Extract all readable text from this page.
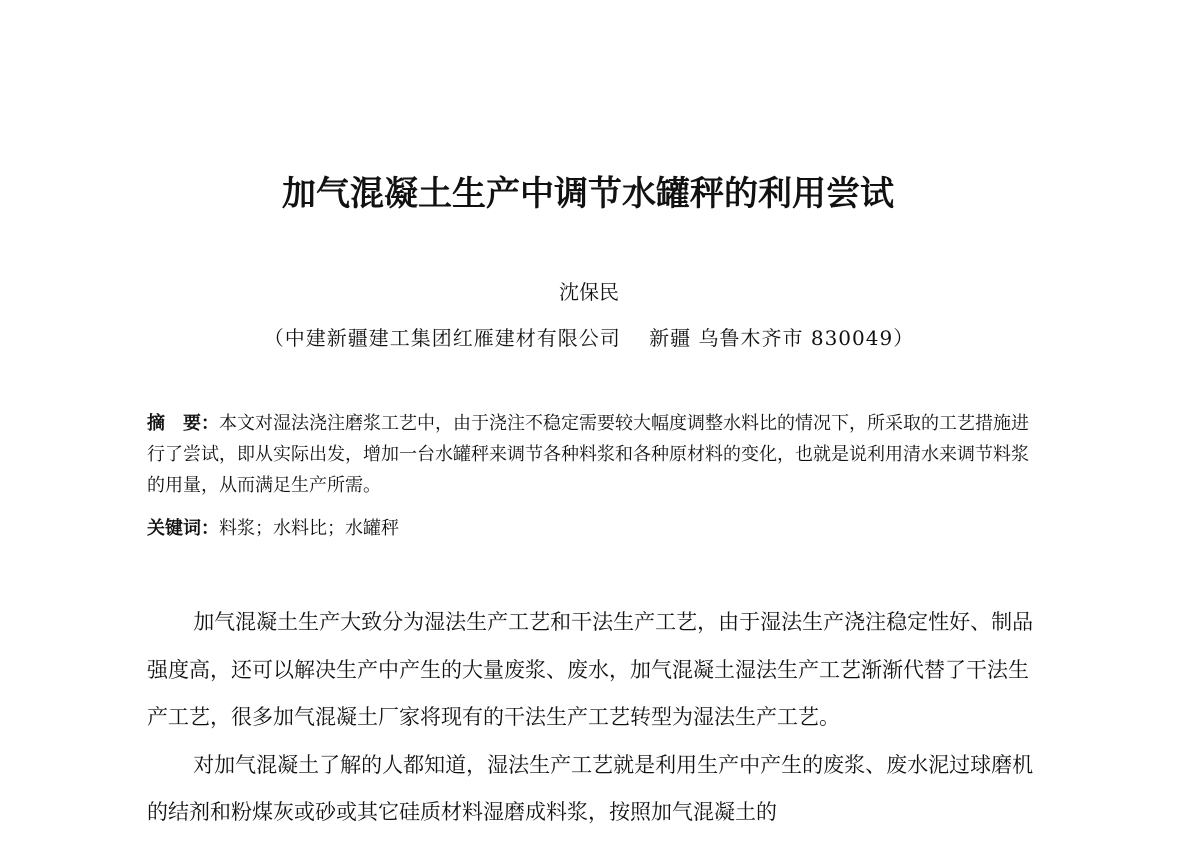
加气混凝土生产中调节水罐秤的利用尝试
沈保民
（中建新疆建工集团红雁建材有限公司　 新疆 乌鲁木齐市 830049）
摘　要：本文对湿法浇注磨浆工艺中，由于浇注不稳定需要较大幅度调整水料比的情况下，所采取的工艺措施进行了尝试，即从实际出发，增加一台水罐秤来调节各种料浆和各种原材料的变化，也就是说利用清水来调节料浆的用量，从而满足生产所需。
关键词：料浆；水料比；水罐秤

加气混凝土生产大致分为湿法生产工艺和干法生产工艺，由于湿法生产浇注稳定性好、制品强度高，还可以解决生产中产生的大量废浆、废水，加气混凝土湿法生产工艺渐渐代替了干法生产工艺，很多加气混凝土厂家将现有的干法生产工艺转型为湿法生产工艺。

对加气混凝土了解的人都知道，湿法生产工艺就是利用生产中产生的废浆、废水泥过球磨机的结剂和粉煤灰或砂或其它硅质材料湿磨成料浆，按照加气混凝土的
